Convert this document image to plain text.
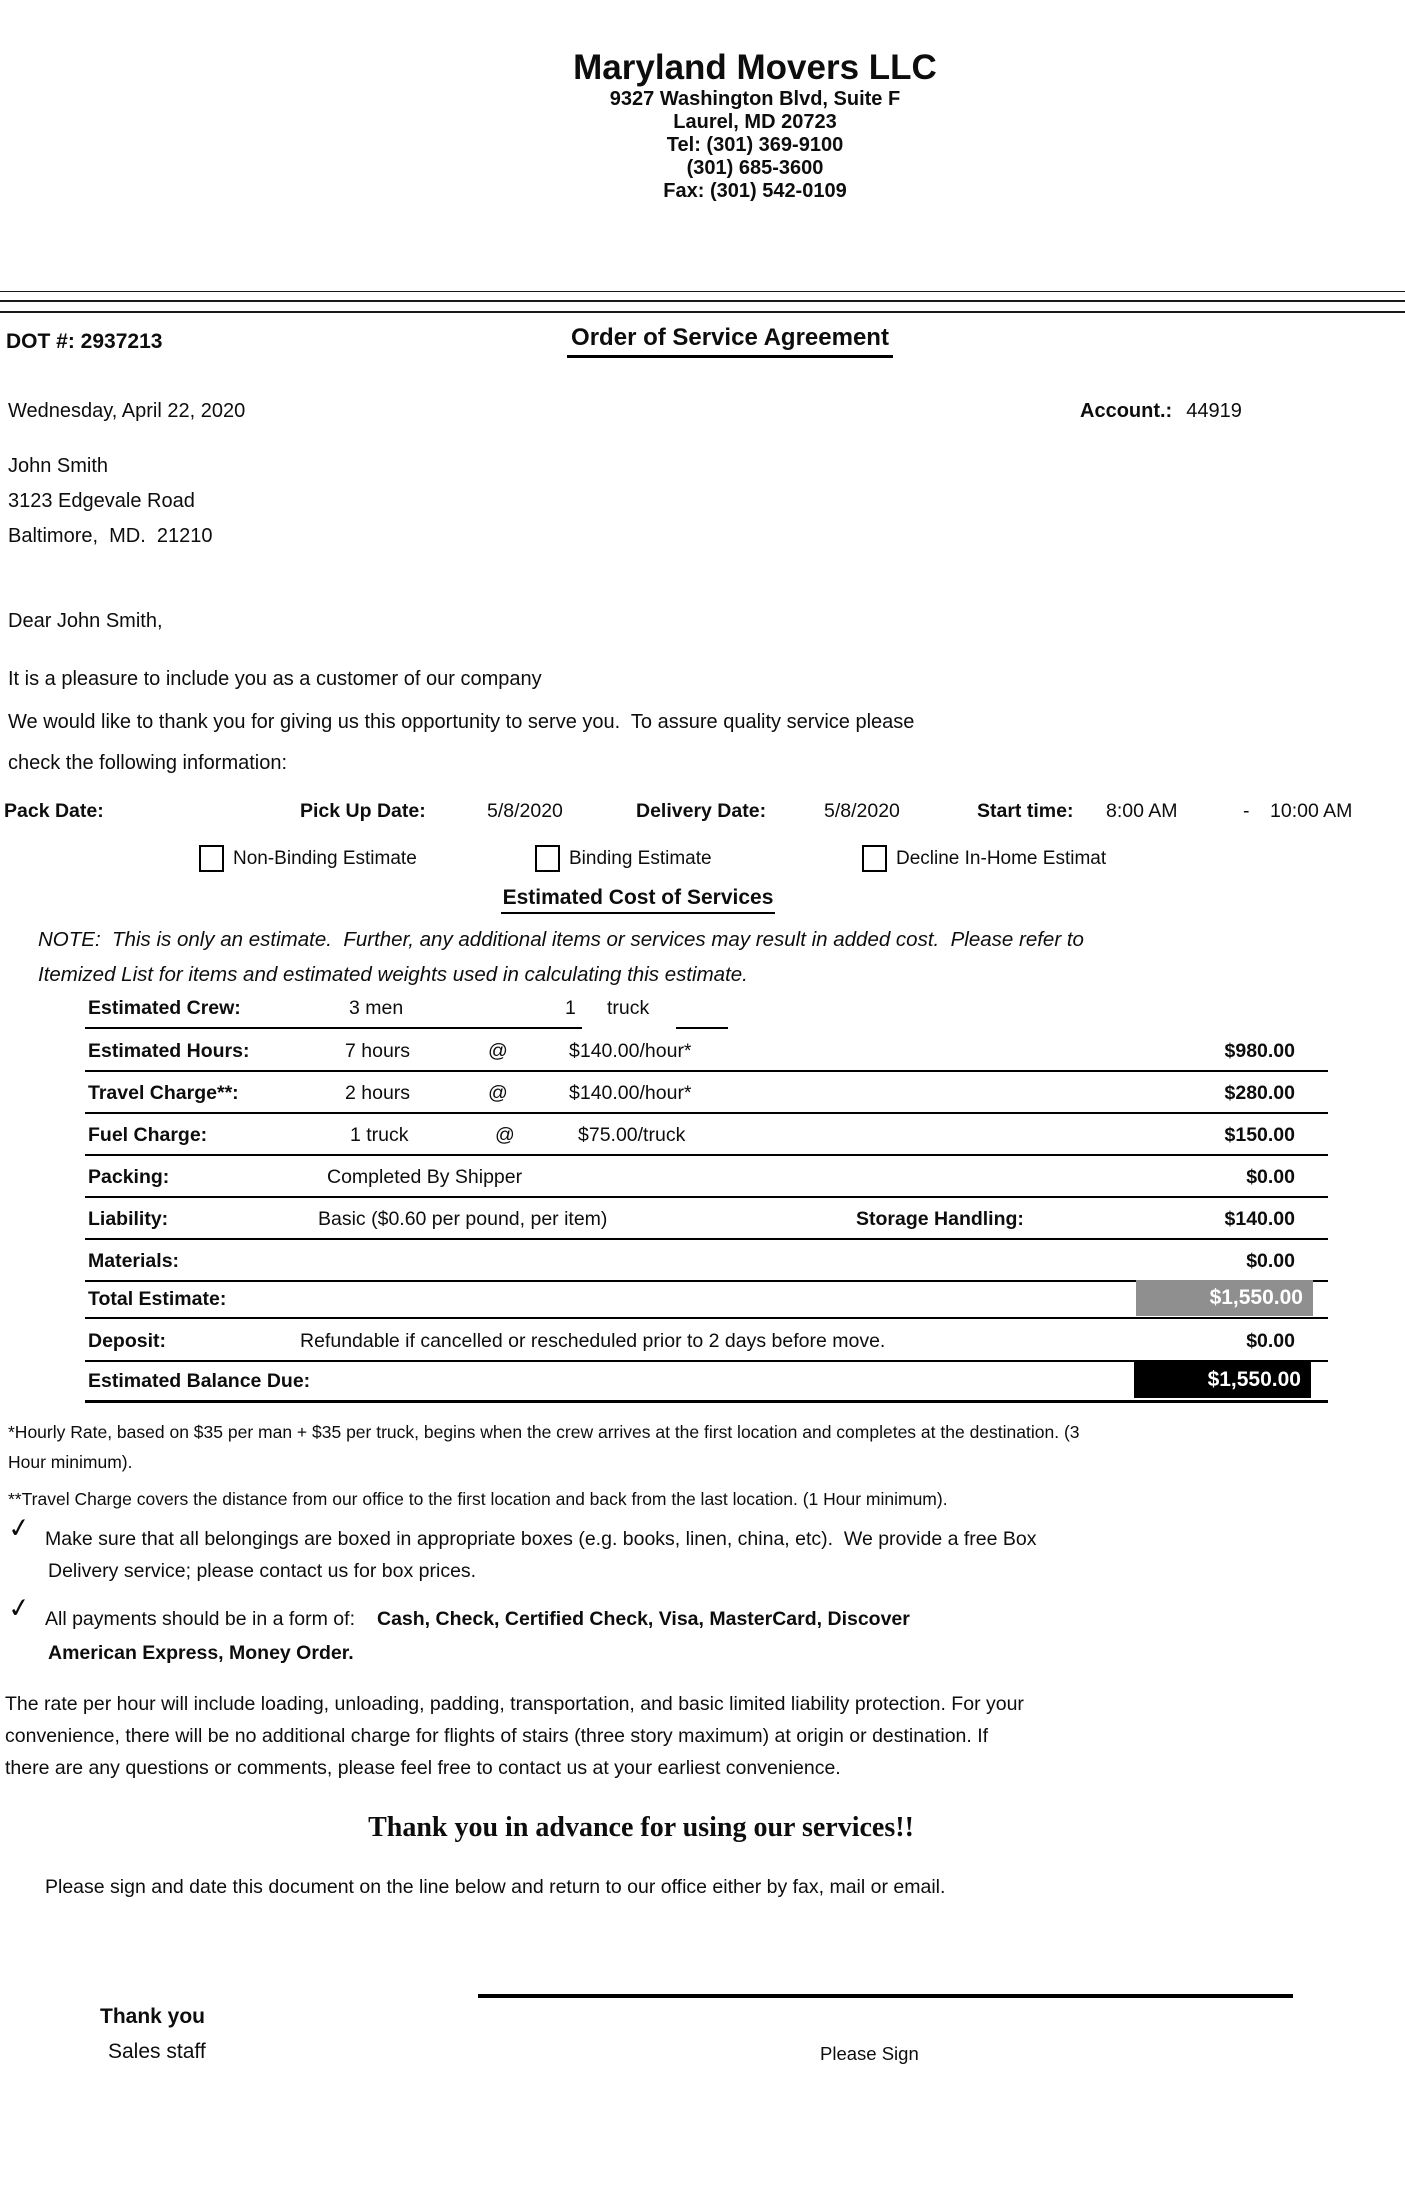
Maryland Movers LLC
9327 Washington Blvd, Suite F
Laurel, MD 20723
Tel: (301) 369-9100
(301) 685-3600
Fax: (301) 542-0109
DOT #: 2937213	Order of Service Agreement
Wednesday, April 22, 2020	Account.: 44919
John Smith
3123 Edgevale Road
Baltimore,  MD.  21210
Dear John Smith,
It is a pleasure to include you as a customer of our company
We would like to thank you for giving us this opportunity to serve you.  To assure quality service please
check the following information:
Pack Date:	Pick Up Date:	5/8/2020	Delivery Date:	5/8/2020	Start time: 8:00 AM	- 10:00 AM
Non-Binding Estimate	Binding Estimate	Decline In-Home Estimat
Estimated Cost of Services
NOTE:  This is only an estimate.  Further, any additional items or services may result in added cost.  Please refer to
Itemized List for items and estimated weights used in calculating this estimate.
Estimated Crew:	3 men	1 truck
Estimated Hours:	7 hours	@	$140.00/hour*	$980.00
Travel Charge**:	2 hours	@	$140.00/hour*	$280.00
Fuel Charge:	1 truck	@	$75.00/truck	$150.00
Packing:	Completed By Shipper	$0.00
Liability:	Basic ($0.60 per pound, per item)	Storage Handling:	$140.00
Materials:	$0.00
Total Estimate:	$1,550.00
Deposit:	Refundable if cancelled or rescheduled prior to 2 days before move.	$0.00
Estimated Balance Due:	$1,550.00
*Hourly Rate, based on $35 per man + $35 per truck, begins when the crew arrives at the first location and completes at the destination. (3
Hour minimum).
**Travel Charge covers the distance from our office to the first location and back from the last location. (1 Hour minimum).
✓ Make sure that all belongings are boxed in appropriate boxes (e.g. books, linen, china, etc).  We provide a free Box
Delivery service; please contact us for box prices.
✓ All payments should be in a form of: Cash, Check, Certified Check, Visa, MasterCard, Discover
American Express, Money Order.
The rate per hour will include loading, unloading, padding, transportation, and basic limited liability protection. For your
convenience, there will be no additional charge for flights of stairs (three story maximum) at origin or destination. If
there are any questions or comments, please feel free to contact us at your earliest convenience.
Thank you in advance for using our services!!
Please sign and date this document on the line below and return to our office either by fax, mail or email.
Thank you
Sales staff	Please Sign
